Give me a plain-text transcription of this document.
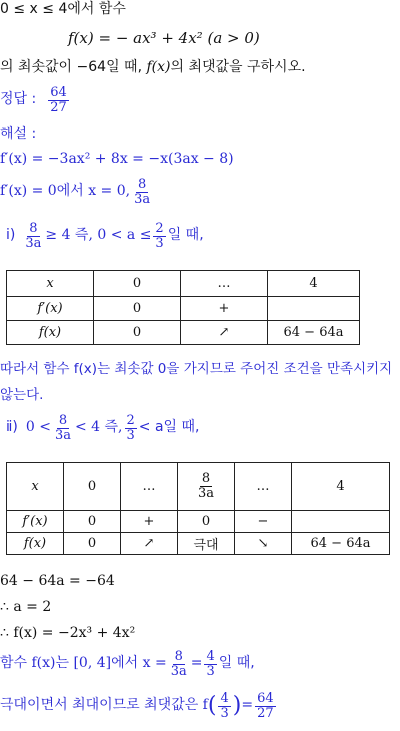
0 ≤ x ≤ 4에서 함수
f(x) = − ax³ + 4x² (a > 0)
의 최솟값이 −64일 때, f(x)의 최댓값을 구하시오.
정답 : $\frac{64}{27}$
해설 :
f′(x) = −3ax² + 8x = −x(3ax − 8)
f′(x) = 0에서 x = 0, $\frac{8}{3a}$
ⅰ) $\frac{8}{3a} \ge 4$ 즉, $0 < a \le \frac{2}{3}$ 일 때,
x	0	…	4
f′(x)	0	+	
f(x)	0	↗	64 − 64a
따라서 함수 f(x)는 최솟값 0을 가지므로 주어진 조건을 만족시키지
않는다.
ⅱ) $0 < \frac{8}{3a} < 4$ 즉, $\frac{2}{3} < a$일 때,
x	0	…	$\frac{8}{3a}$	…	4
f′(x)	0	+	0	−	
f(x)	0	↗	극대	↘	64 − 64a
64 − 64a = −64
∴ a = 2
∴ f(x) = −2x³ + 4x²
함수 f(x)는 [0, 4]에서 $x = \frac{8}{3a} = \frac{4}{3}$ 일 때,
극대이면서 최대이므로 최댓값은 f ( $\frac{4}{3}$ ) = $\frac{64}{27}$
